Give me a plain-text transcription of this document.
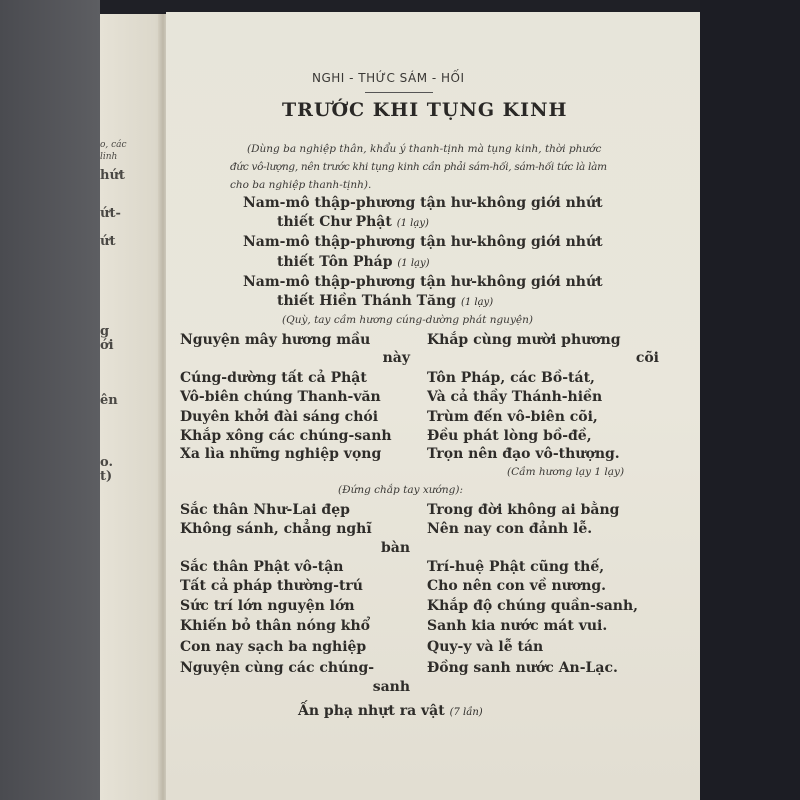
o, các
linh
hứt
ứt-
ứt
g
ới
ên
o.
t)
NGHI - THỨC SÁM - HỐI
TRƯỚC KHI TỤNG KINH
(Dùng ba nghiệp thân, khẩu ý thanh-tịnh mà tụng kinh, thời phước
đức vô-lượng, nên trước khi tụng kinh cần phải sám-hối, sám-hối tức là làm
cho ba nghiệp thanh-tịnh).
Nam-mô thập-phương tận hư-không giới nhứt
thiết Chư Phật (1 lạy)
Nam-mô thập-phương tận hư-không giới nhứt
thiết Tôn Pháp (1 lạy)
Nam-mô thập-phương tận hư-không giới nhứt
thiết Hiền Thánh Tăng (1 lạy)
(Quỳ, tay cầm hương cúng-dường phát nguyện)
Nguyện mây hương mầu	Khắp cùng mười phương
này	cõi
Cúng-dường tất cả Phật	Tôn Pháp, các Bồ-tát,
Vô-biên chúng Thanh-văn	Và cả thầy Thánh-hiền
Duyên khởi đài sáng chói	Trùm đến vô-biên cõi,
Khắp xông các chúng-sanh	Đều phát lòng bồ-đề,
Xa lìa những nghiệp vọng	Trọn nên đạo vô-thượng.
(Cầm hương lạy 1 lạy)
(Đứng chắp tay xướng):
Sắc thân Như-Lai đẹp	Trong đời không ai bằng
Không sánh, chẳng nghĩ	Nên nay con đảnh lễ.
bàn
Sắc thân Phật vô-tận	Trí-huệ Phật cũng thế,
Tất cả pháp thường-trú	Cho nên con về nương.
Sức trí lớn nguyện lớn	Khắp độ chúng quần-sanh,
Khiến bỏ thân nóng khổ	Sanh kia nước mát vui.
Con nay sạch ba nghiệp	Quy-y và lễ tán
Nguyện cùng các chúng-	Đồng sanh nước An-Lạc.
sanh
Ấn phạ nhựt ra vật (7 lần)
